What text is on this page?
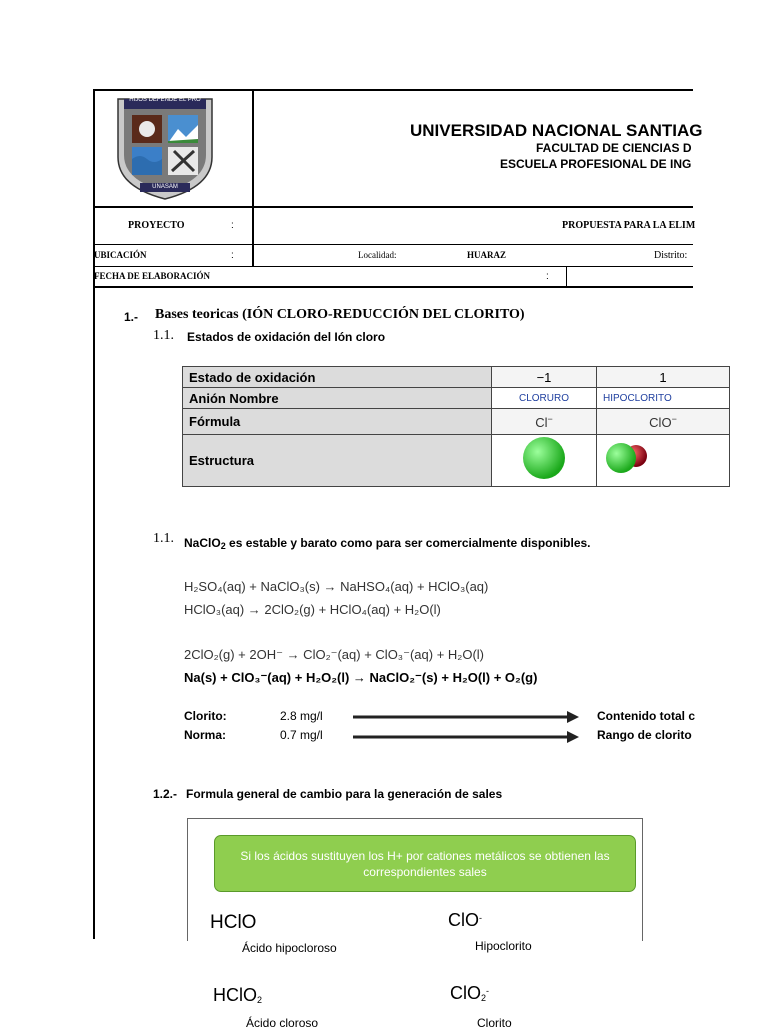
HIJOS DEFENDE EL PRO
UNASAM
UNIVERSIDAD NACIONAL SANTIAG
FACULTAD DE CIENCIAS D
ESCUELA PROFESIONAL DE ING
PROYECTO	:	PROPUESTA PARA LA ELIM
UBICACIÓN	:	Localidad:	HUARAZ	Distrito:
FECHA DE ELABORACIÓN	:
1.- Bases teoricas (IÓN CLORO-REDUCCIÓN DEL CLORITO)
1.1. Estados de oxidación del Ión cloro
Estado de oxidación	−1	1
Anión Nombre	CLORURO	HIPOCLORITO
Fórmula	Cl−	ClO−
Estructura		
1.1. NaClO$_2$ es estable y barato como para ser comercialmente disponibles.
H₂SO₄(aq) + NaClO₃(s) → NaHSO₄(aq) + HClO₃(aq)
HClO₃(aq) → 2ClO₂(g) + HClO₄(aq) + H₂O(l)
2ClO₂(g) + 2OH⁻ → ClO₂⁻(aq) + ClO₃⁻(aq) + H₂O(l)
Na(s) + ClO₃⁻(aq) + H₂O₂(l) → NaClO₂⁻(s) + H₂O(l) + O₂(g)
Clorito:	2.8 mg/l	Contenido total c
Norma:	0.7 mg/l	Rango de clorito
1.2.- Formula general de cambio para la generación de sales
Si los ácidos sustituyen los H+ por cationes metálicos se obtienen las correspondientes sales
HClO	ClO-
Ácido hipocloroso	Hipoclorito
HClO$_2$	ClO$_2$-
Ácido cloroso	Clorito
